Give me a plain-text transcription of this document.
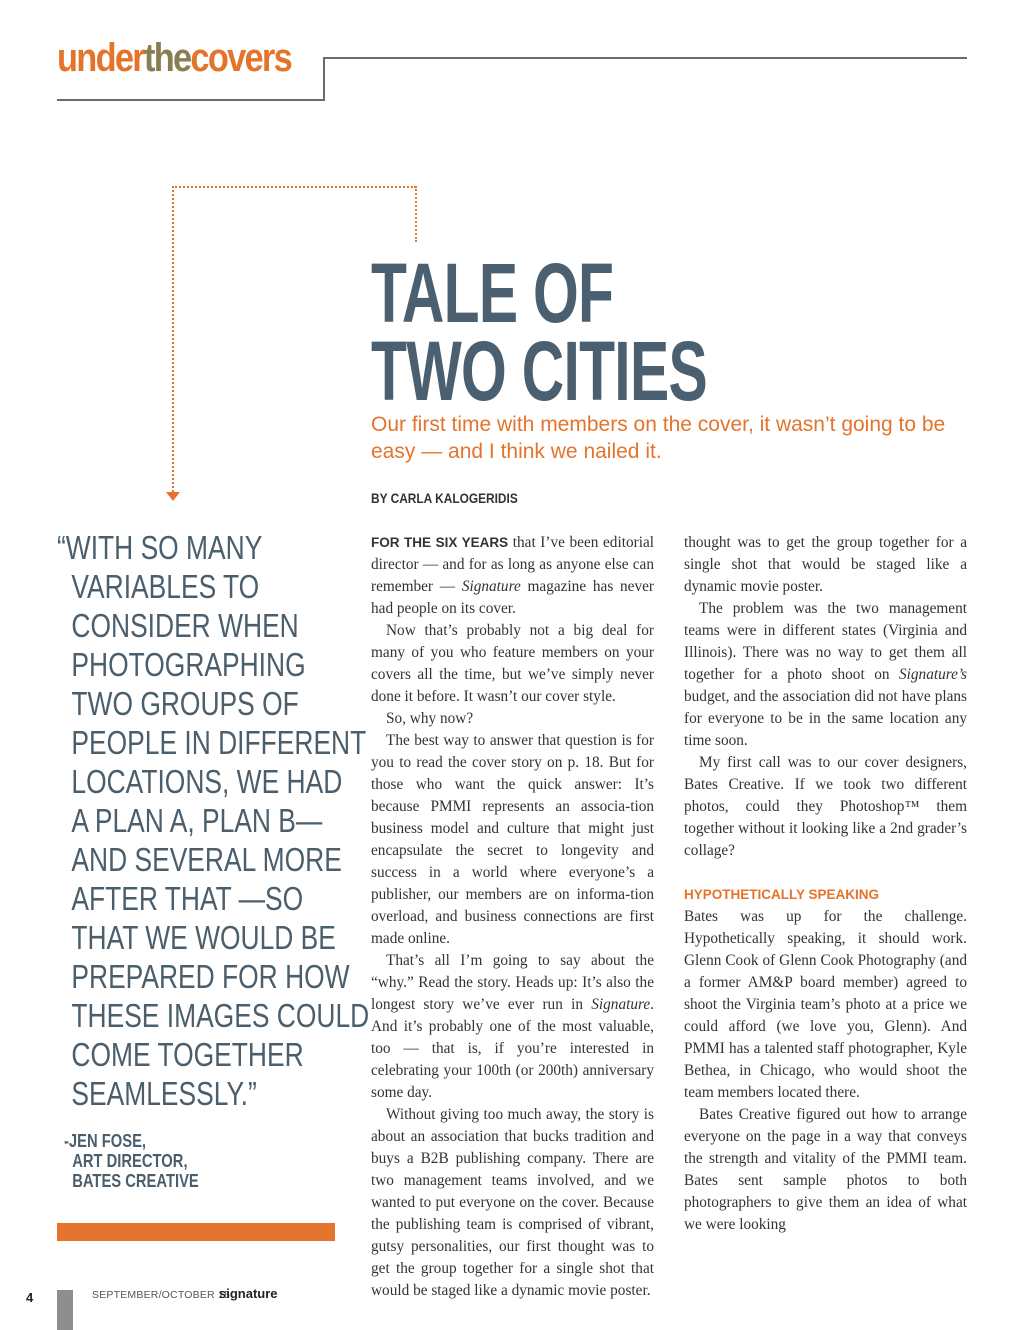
underthecovers
TALE OF
TWO CITIES

Our first time with members on the cover, it wasn’t going to be easy — and I think we nailed it.

BY CARLA KALOGERIDIS

“WITH SO MANY
VARIABLES TO
CONSIDER WHEN
PHOTOGRAPHING
TWO GROUPS OF
PEOPLE IN DIFFERENT
LOCATIONS, WE HAD
A PLAN A, PLAN B—
AND SEVERAL MORE
AFTER THAT —SO
THAT WE WOULD BE
PREPARED FOR HOW
THESE IMAGES COULD
COME TOGETHER
SEAMLESSLY.”
-JEN FOSE,
ART DIRECTOR,
BATES CREATIVE

FOR THE SIX YEARS that I’ve been editorial director — and for as long as anyone else can remember — Signature magazine has never had people on its cover.

Now that’s probably not a big deal for many of you who feature members on your covers all the time, but we’ve simply never done it before. It wasn’t our cover style.

So, why now?

The best way to answer that question is for you to read the cover story on p. 18. But for those who want the quick answer: It’s because PMMI represents an associa-tion business model and culture that might just encapsulate the secret to longevity and success in a world where everyone’s a publisher, our members are on informa-tion overload, and business connections are first made online.

That’s all I’m going to say about the “why.” Read the story. Heads up: It’s also the longest story we’ve ever run in Signature. And it’s probably one of the most valuable, too — that is, if you’re interested in celebrating your 100th (or 200th) anniversary some day.

Without giving too much away, the story is about an association that bucks tradition and buys a B2B publishing company. There are two management teams involved, and we wanted to put everyone on the cover. Because the publishing team is comprised of vibrant, gutsy personalities, our first thought was to get the group together for a single shot that would be staged like a dynamic movie poster.

thought was to get the group together for a single shot that would be staged like a dynamic movie poster.

The problem was the two management teams were in different states (Virginia and Illinois). There was no way to get them all together for a photo shoot on Signature’s budget, and the association did not have plans for everyone to be in the same location any time soon.

My first call was to our cover designers, Bates Creative. If we took two different photos, could they Photoshop™ them together without it looking like a 2nd grader’s collage?

HYPOTHETICALLY SPEAKING

Bates was up for the challenge. Hypothetically speaking, it should work. Glenn Cook of Glenn Cook Photography (and a former AM&P board member) agreed to shoot the Virginia team’s photo at a price we could afford (we love you, Glenn). And PMMI has a talented staff photographer, Kyle Bethea, in Chicago, who would shoot the team members located there.

Bates Creative figured out how to arrange everyone on the page in a way that conveys the strength and vitality of the PMMI team. Bates sent sample photos to both photographers to give them an idea of what we were looking

4	SEPTEMBER/OCTOBER 15
signature
